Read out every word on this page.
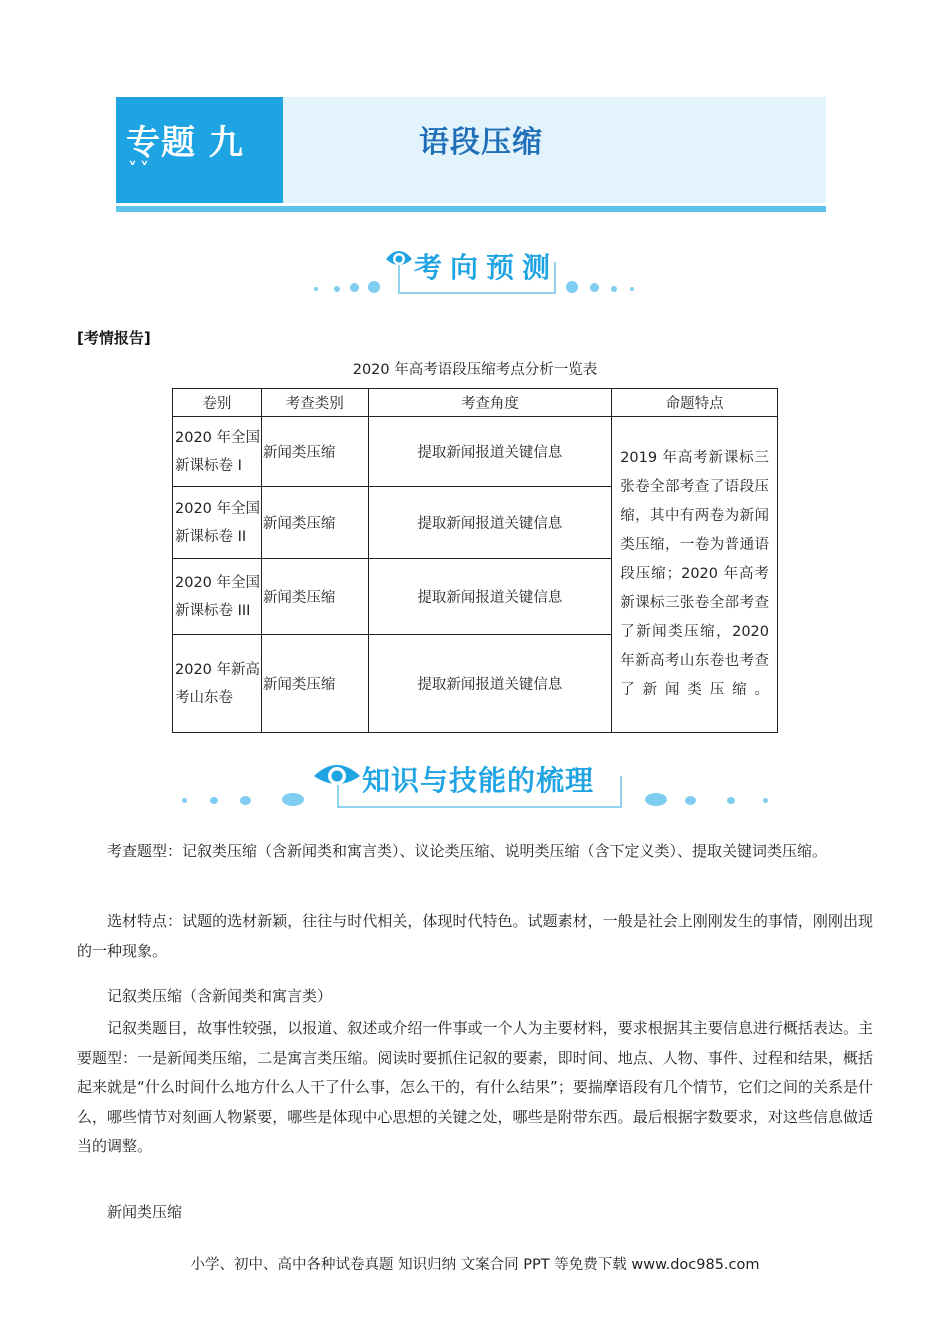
专题 九
˅˅
语段压缩
考向预测
[考情报告]
2020 年高考语段压缩考点分析一览表
卷别	考查类别	考查角度	命题特点
2020 年全国新课标卷 I	新闻类压缩	提取新闻报道关键信息	2019 年高考新课标三张卷全部考查了语段压缩，其中有两卷为新闻类压缩，一卷为普通语段压缩；2020 年高考新课标三张卷全部考查了新闻类压缩，2020 年新高考山东卷也考查了新闻类压缩。
2020 年全国新课标卷 II	新闻类压缩	提取新闻报道关键信息	
2020 年全国新课标卷 III	新闻类压缩	提取新闻报道关键信息	
2020 年新高考山东卷	新闻类压缩	提取新闻报道关键信息	
知识与技能的梳理
考查题型：记叙类压缩（含新闻类和寓言类）、议论类压缩、说明类压缩（含下定义类）、提取关键词类压缩。
选材特点：试题的选材新颖，往往与时代相关，体现时代特色。试题素材，一般是社会上刚刚发生的事情，刚刚出现的一种现象。
记叙类压缩（含新闻类和寓言类）
记叙类题目，故事性较强，以报道、叙述或介绍一件事或一个人为主要材料，要求根据其主要信息进行概括表达。主要题型：一是新闻类压缩，二是寓言类压缩。阅读时要抓住记叙的要素，即时间、地点、人物、事件、过程和结果，概括起来就是“什么时间什么地方什么人干了什么事，怎么干的，有什么结果”；要揣摩语段有几个情节，它们之间的关系是什么，哪些情节对刻画人物紧要，哪些是体现中心思想的关键之处，哪些是附带东西。最后根据字数要求，对这些信息做适当的调整。
新闻类压缩
小学、初中、高中各种试卷真题 知识归纳 文案合同 PPT 等免费下载 www.doc985.com
